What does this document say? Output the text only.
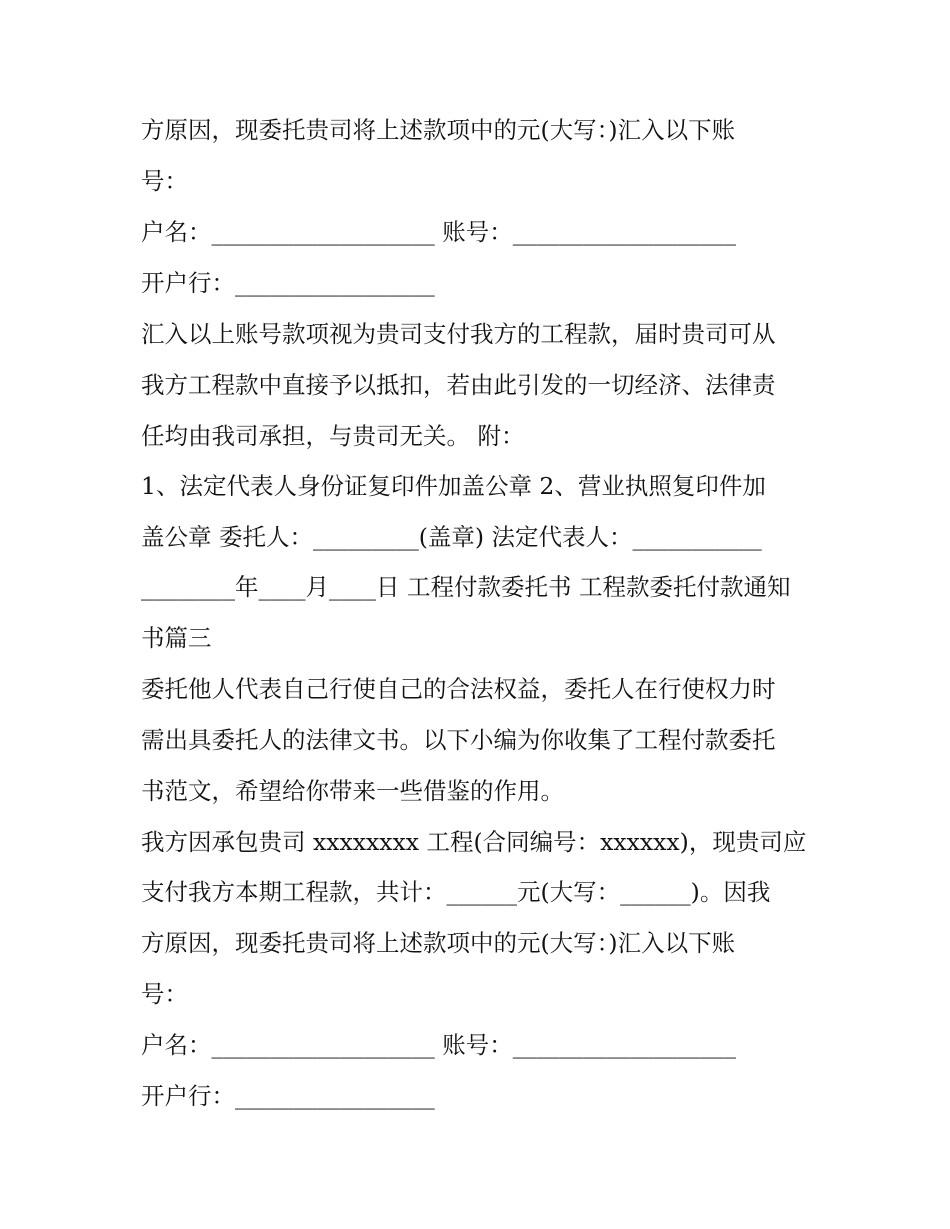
方原因，现委托贵司将上述款项中的元(大写：)汇入以下账
号：
户名：___________________ 账号：___________________
开户行：_________________
汇入以上账号款项视为贵司支付我方的工程款，届时贵司可从
我方工程款中直接予以抵扣，若由此引发的一切经济、法律责
任均由我司承担，与贵司无关。 附：
1、法定代表人身份证复印件加盖公章 2、营业执照复印件加
盖公章 委托人：_________(盖章) 法定代表人：___________
________年____月____日 工程付款委托书 工程款委托付款通知
书篇三
委托他人代表自己行使自己的合法权益，委托人在行使权力时
需出具委托人的法律文书。以下小编为你收集了工程付款委托
书范文，希望给你带来一些借鉴的作用。
我方因承包贵司 xxxxxxxx 工程(合同编号：xxxxxx)，现贵司应
支付我方本期工程款，共计：______元(大写：______)。因我
方原因，现委托贵司将上述款项中的元(大写：)汇入以下账
号：
户名：___________________ 账号：___________________
开户行：_________________
